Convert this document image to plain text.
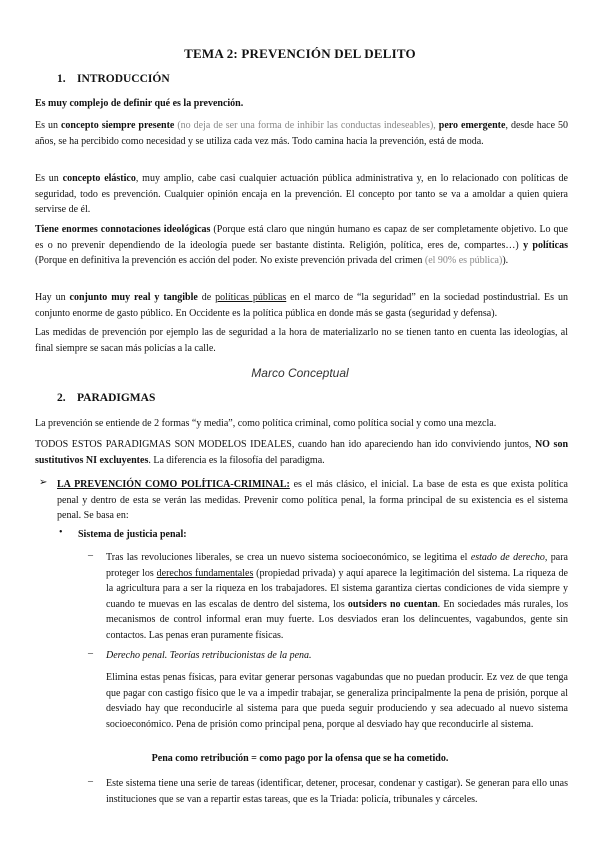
TEMA 2: PREVENCIÓN DEL DELITO
1. INTRODUCCIÓN

Es muy complejo de definir qué es la prevención.

Es un concepto siempre presente (no deja de ser una forma de inhibir las conductas indeseables), pero emergente, desde hace 50 años, se ha percibido como necesidad y se utiliza cada vez más. Todo camina hacia la prevención, está de moda.

Es un concepto elástico, muy amplio, cabe casi cualquier actuación pública administrativa y, en lo relacionado con políticas de seguridad, todo es prevención. Cualquier opinión encaja en la prevención. El concepto por tanto se va a amoldar a quien quiera servirse de él.

Tiene enormes connotaciones ideológicas (Porque está claro que ningún humano es capaz de ser completamente objetivo. Lo que es o no prevenir dependiendo de la ideología puede ser bastante distinta. Religión, política, eres de, compartes…) y políticas (Porque en definitiva la prevención es acción del poder. No existe prevención privada del crimen (el 90% es pública)).

Hay un conjunto muy real y tangible de políticas públicas en el marco de “la seguridad” en la sociedad postindustrial. Es un conjunto enorme de gasto público. En Occidente es la política pública en donde más se gasta (seguridad y defensa).

Las medidas de prevención por ejemplo las de seguridad a la hora de materializarlo no se tienen tanto en cuenta las ideologías, al final siempre se sacan más policías a la calle.

Marco Conceptual
2. PARADIGMAS

La prevención se entiende de 2 formas “y media”, como política criminal, como política social y como una mezcla.

TODOS ESTOS PARADIGMAS SON MODELOS IDEALES, cuando han ido apareciendo han ido conviviendo juntos, NO son sustitutivos NI excluyentes. La diferencia es la filosofía del paradigma.

➢ LA PREVENCIÓN COMO POLÍTICA-CRIMINAL: es el más clásico, el inicial. La base de esta es que exista política penal y dentro de esta se verán las medidas. Prevenir como política penal, la forma principal de su existencia es el sistema penal. Se basa en:

• Sistema de justicia penal:

– Tras las revoluciones liberales, se crea un nuevo sistema socioeconómico, se legitima el estado de derecho, para proteger los derechos fundamentales (propiedad privada) y aquí aparece la legitimación del sistema. La riqueza de la agricultura para a ser la riqueza en los trabajadores. El sistema garantiza ciertas condiciones de vida siempre y cuando te muevas en las escalas de dentro del sistema, los outsiders no cuentan. En sociedades más rurales, los mecanismos de control informal eran muy fuerte. Los desviados eran los delincuentes, vagabundos, gente sin contactos. Las penas eran puramente físicas.

– Derecho penal. Teorías retribucionistas de la pena.

Elimina estas penas físicas, para evitar generar personas vagabundas que no puedan producir. Ez vez de que tenga que pagar con castigo físico que le va a impedir trabajar, se generaliza principalmente la pena de prisión, porque al desviado hay que reconducirle al sistema para que pueda seguir produciendo y sea adecuado al nuevo sistema socioeconómico. Pena de prisión como principal pena, porque al desviado hay que reconducirle al sistema.

Pena como retribución = como pago por la ofensa que se ha cometido.
– Este sistema tiene una serie de tareas (identificar, detener, procesar, condenar y castigar). Se generan para ello unas instituciones que se van a repartir estas tareas, que es la Triada: policía, tribunales y cárceles.
